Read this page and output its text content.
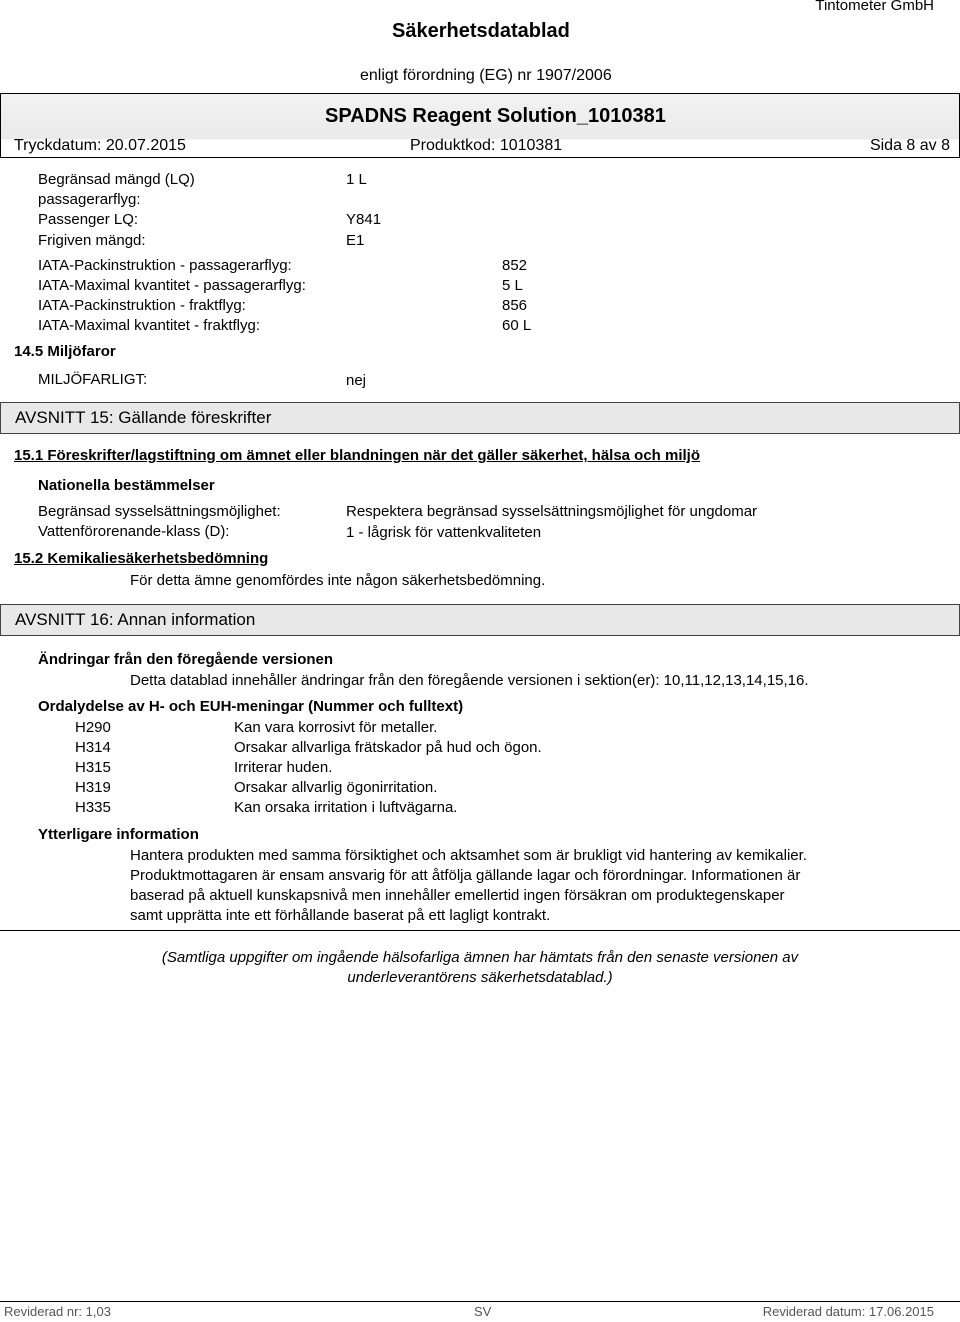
Tintometer GmbH
Säkerhetsdatablad
enligt förordning (EG) nr 1907/2006
SPADNS Reagent Solution_1010381
Tryckdatum: 20.07.2015	Produktkod: 1010381	Sida 8 av 8
Begränsad mängd (LQ)	1 L
passagerarflyg:
Passenger LQ:	Y841
Frigiven mängd:	E1
IATA-Packinstruktion - passagerarflyg:	852
IATA-Maximal kvantitet - passagerarflyg:	5 L
IATA-Packinstruktion - fraktflyg:	856
IATA-Maximal kvantitet - fraktflyg:	60 L
14.5 Miljöfaror
MILJÖFARLIGT:	nej
AVSNITT 15: Gällande föreskrifter
15.1 Föreskrifter/lagstiftning om ämnet eller blandningen när det gäller säkerhet, hälsa och miljö
Nationella bestämmelser
Begränsad sysselsättningsmöjlighet:	Respektera begränsad sysselsättningsmöjlighet för ungdomar
Vattenförorenande-klass (D):	1 - lågrisk för vattenkvaliteten
15.2 Kemikaliesäkerhetsbedömning
För detta ämne genomfördes inte någon säkerhetsbedömning.
AVSNITT 16: Annan information
Ändringar från den föregående versionen
Detta datablad innehåller ändringar från den föregående versionen i sektion(er): 10,11,12,13,14,15,16.
Ordalydelse av H- och EUH-meningar (Nummer och fulltext)
H290	Kan vara korrosivt för metaller.
H314	Orsakar allvarliga frätskador på hud och ögon.
H315	Irriterar huden.
H319	Orsakar allvarlig ögonirritation.
H335	Kan orsaka irritation i luftvägarna.
Ytterligare information
Hantera produkten med samma försiktighet och aktsamhet som är brukligt vid hantering av kemikalier.
Produktmottagaren är ensam ansvarig för att åtfölja gällande lagar och förordningar. Informationen är
baserad på aktuell kunskapsnivå men innehåller emellertid ingen försäkran om produktegenskaper
samt upprätta inte ett förhållande baserat på ett lagligt kontrakt.
(Samtliga uppgifter om ingående hälsofarliga ämnen har hämtats från den senaste versionen av
underleverantörens säkerhetsdatablad.)
Reviderad nr: 1,03	SV	Reviderad datum: 17.06.2015
